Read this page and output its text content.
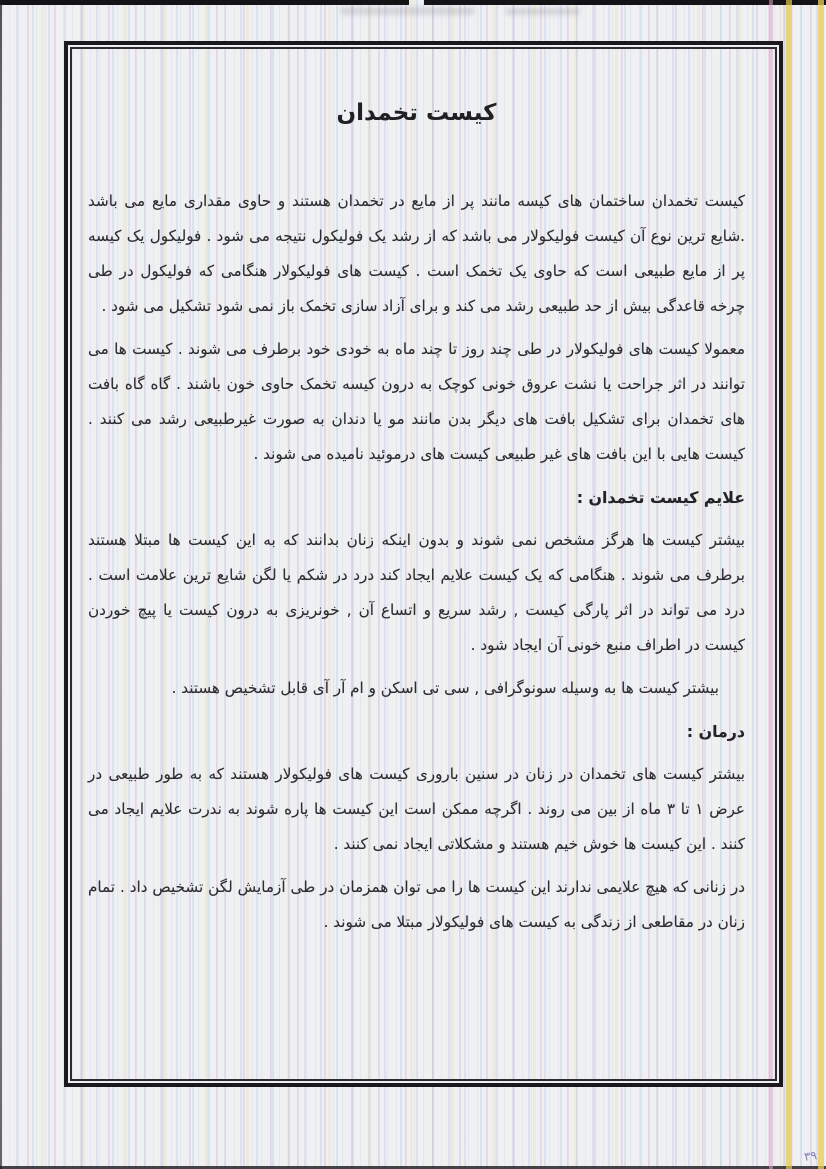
کیست تخمدان

کیست تخمدان ساختمان های کیسه مانند پر از مایع در تخمدان هستند و حاوی مقداری مایع می باشد .شایع ترین نوع آن کیست فولیکولار می باشد که از رشد یک فولیکول نتیجه می شود . فولیکول یک کیسه پر از مایع طبیعی است که حاوی یک تخمک است . کیست های فولیکولار هنگامی که فولیکول در طی چرخه قاعدگی بیش از حد طبیعی رشد می کند و برای آزاد سازی تخمک باز نمی شود تشکیل می شود .

معمولا کیست های فولیکولار در طی چند روز تا چند ماه به خودی خود برطرف می شوند . کیست ها می توانند در اثر جراحت یا نشت عروق خونی کوچک به درون کیسه تخمک حاوی خون باشند . گاه گاه بافت های تخمدان برای تشکیل بافت های دیگر بدن مانند مو یا دندان به صورت غیرطبیعی رشد می کنند . کیست هایی با این بافت های غیر طبیعی کیست های درموئید نامیده می شوند .

علایم کیست تخمدان :

بیشتر کیست ها هرگز مشخص نمی شوند و بدون اینکه زنان بدانند که به این کیست ها مبتلا هستند برطرف می شوند . هنگامی که یک کیست علایم ایجاد کند درد در شکم یا لگن شایع ترین علامت است . درد می تواند در اثر پارگی کیست , رشد سریع و اتساع آن , خونریزی به درون کیست یا پیچ خوردن کیست در اطراف منبع خونی آن ایجاد شود .

بیشتر کیست ها به وسیله سونوگرافی , سی تی اسکن و ام آر آی قابل تشخیص هستند .

درمان :

بیشتر کیست های تخمدان در زنان در سنین باروری کیست های فولیکولار هستند که به طور طبیعی در عرض ۱ تا ۳ ماه از بین می روند . اگرچه ممکن است این کیست ها پاره شوند به ندرت علایم ایجاد می کنند . این کیست ها خوش خیم هستند و مشکلاتی ایجاد نمی کنند .

در زنانی که هیچ علایمی ندارند این کیست ها را می توان همزمان در طی آزمایش لگن تشخیص داد . تمام زنان در مقاطعی از زندگی به کیست های فولیکولار مبتلا می شوند .

۳۹
